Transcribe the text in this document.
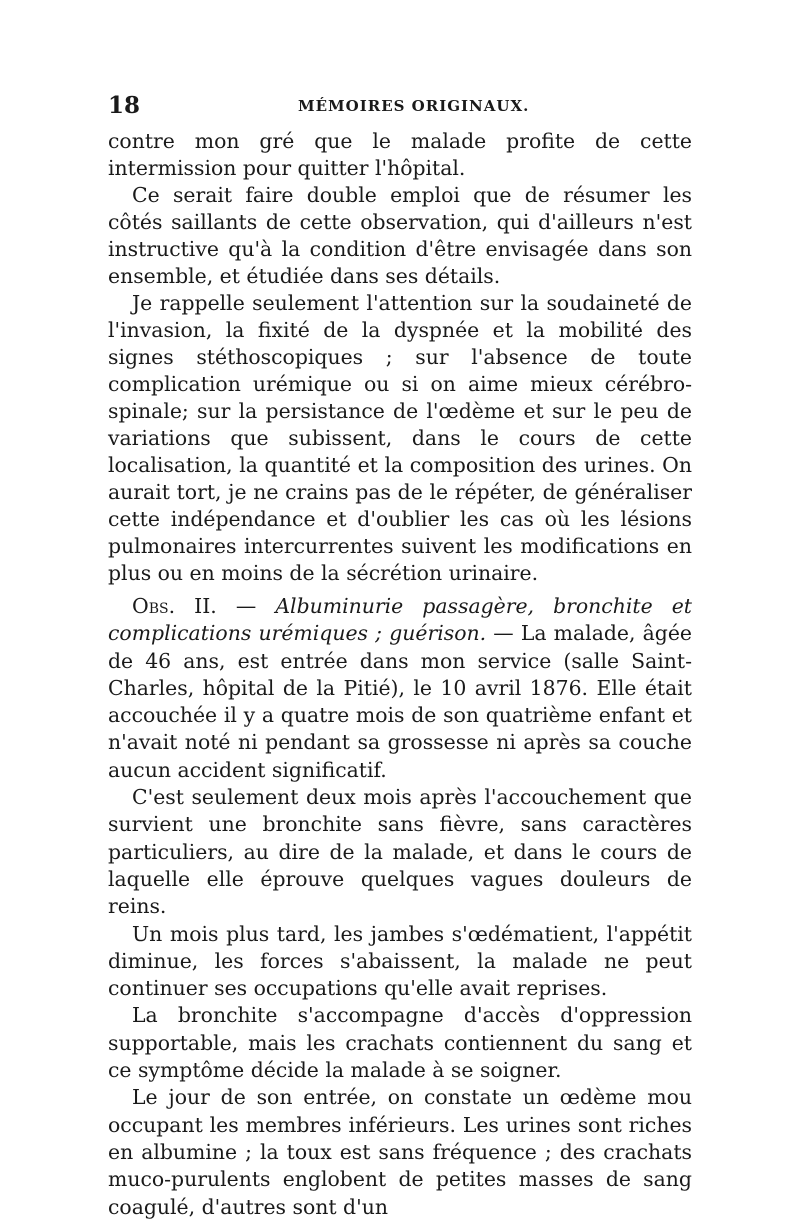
18	MÉMOIRES ORIGINAUX.

contre mon gré que le malade profite de cette intermission pour quitter l'hôpital.

Ce serait faire double emploi que de résumer les côtés saillants de cette observation, qui d'ailleurs n'est instructive qu'à la condition d'être envisagée dans son ensemble, et étudiée dans ses détails.

Je rappelle seulement l'attention sur la soudaineté de l'invasion, la fixité de la dyspnée et la mobilité des signes stéthoscopiques ; sur l'absence de toute complication urémique ou si on aime mieux cérébro-spinale; sur la persistance de l'œdème et sur le peu de variations que subissent, dans le cours de cette localisation, la quantité et la composition des urines. On aurait tort, je ne crains pas de le répéter, de généraliser cette indépendance et d'oublier les cas où les lésions pulmonaires intercurrentes suivent les modifications en plus ou en moins de la sécrétion urinaire.

Obs. II. — Albuminurie passagère, bronchite et complications urémiques ; guérison. — La malade, âgée de 46 ans, est entrée dans mon service (salle Saint-Charles, hôpital de la Pitié), le 10 avril 1876. Elle était accouchée il y a quatre mois de son quatrième enfant et n'avait noté ni pendant sa grossesse ni après sa couche aucun accident significatif.

C'est seulement deux mois après l'accouchement que survient une bronchite sans fièvre, sans caractères particuliers, au dire de la malade, et dans le cours de laquelle elle éprouve quelques vagues douleurs de reins.

Un mois plus tard, les jambes s'œdématient, l'appétit diminue, les forces s'abaissent, la malade ne peut continuer ses occupations qu'elle avait reprises.

La bronchite s'accompagne d'accès d'oppression supportable, mais les crachats contiennent du sang et ce symptôme décide la malade à se soigner.

Le jour de son entrée, on constate un œdème mou occupant les membres inférieurs. Les urines sont riches en albumine ; la toux est sans fréquence ; des crachats muco-purulents englobent de petites masses de sang coagulé, d'autres sont d'un
